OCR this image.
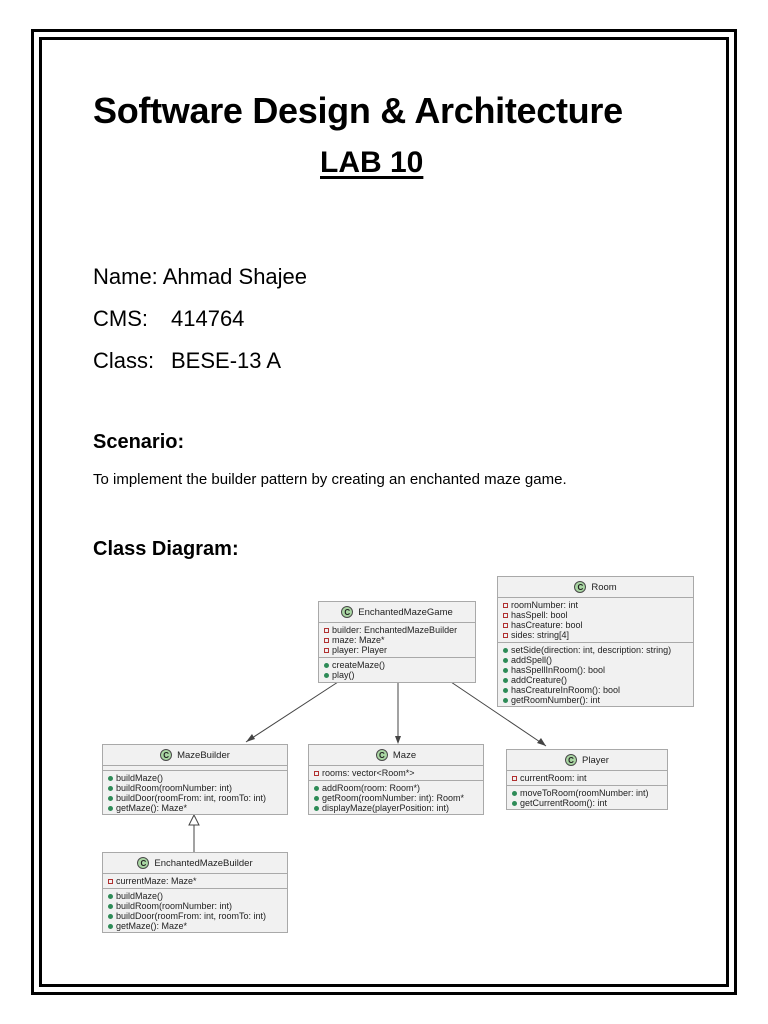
Software Design & Architecture
LAB 10
Name: Ahmad Shajee
CMS: 414764
Class: BESE-13 A
Scenario:
To implement the builder pattern by creating an enchanted maze game.
Class Diagram:
C Room
roomNumber: int
hasSpell: bool
hasCreature: bool
sides: string[4]
setSide(direction: int, description: string)
addSpell()
hasSpellInRoom(): bool
addCreature()
hasCreatureInRoom(): bool
getRoomNumber(): int
C EnchantedMazeGame
builder: EnchantedMazeBuilder
maze: Maze*
player: Player
createMaze()
play()
C MazeBuilder
buildMaze()
buildRoom(roomNumber: int)
buildDoor(roomFrom: int, roomTo: int)
getMaze(): Maze*
C Maze
rooms: vector<Room*>
addRoom(room: Room*)
getRoom(roomNumber: int): Room*
displayMaze(playerPosition: int)
C Player
currentRoom: int
moveToRoom(roomNumber: int)
getCurrentRoom(): int
C EnchantedMazeBuilder
currentMaze: Maze*
buildMaze()
buildRoom(roomNumber: int)
buildDoor(roomFrom: int, roomTo: int)
getMaze(): Maze*
